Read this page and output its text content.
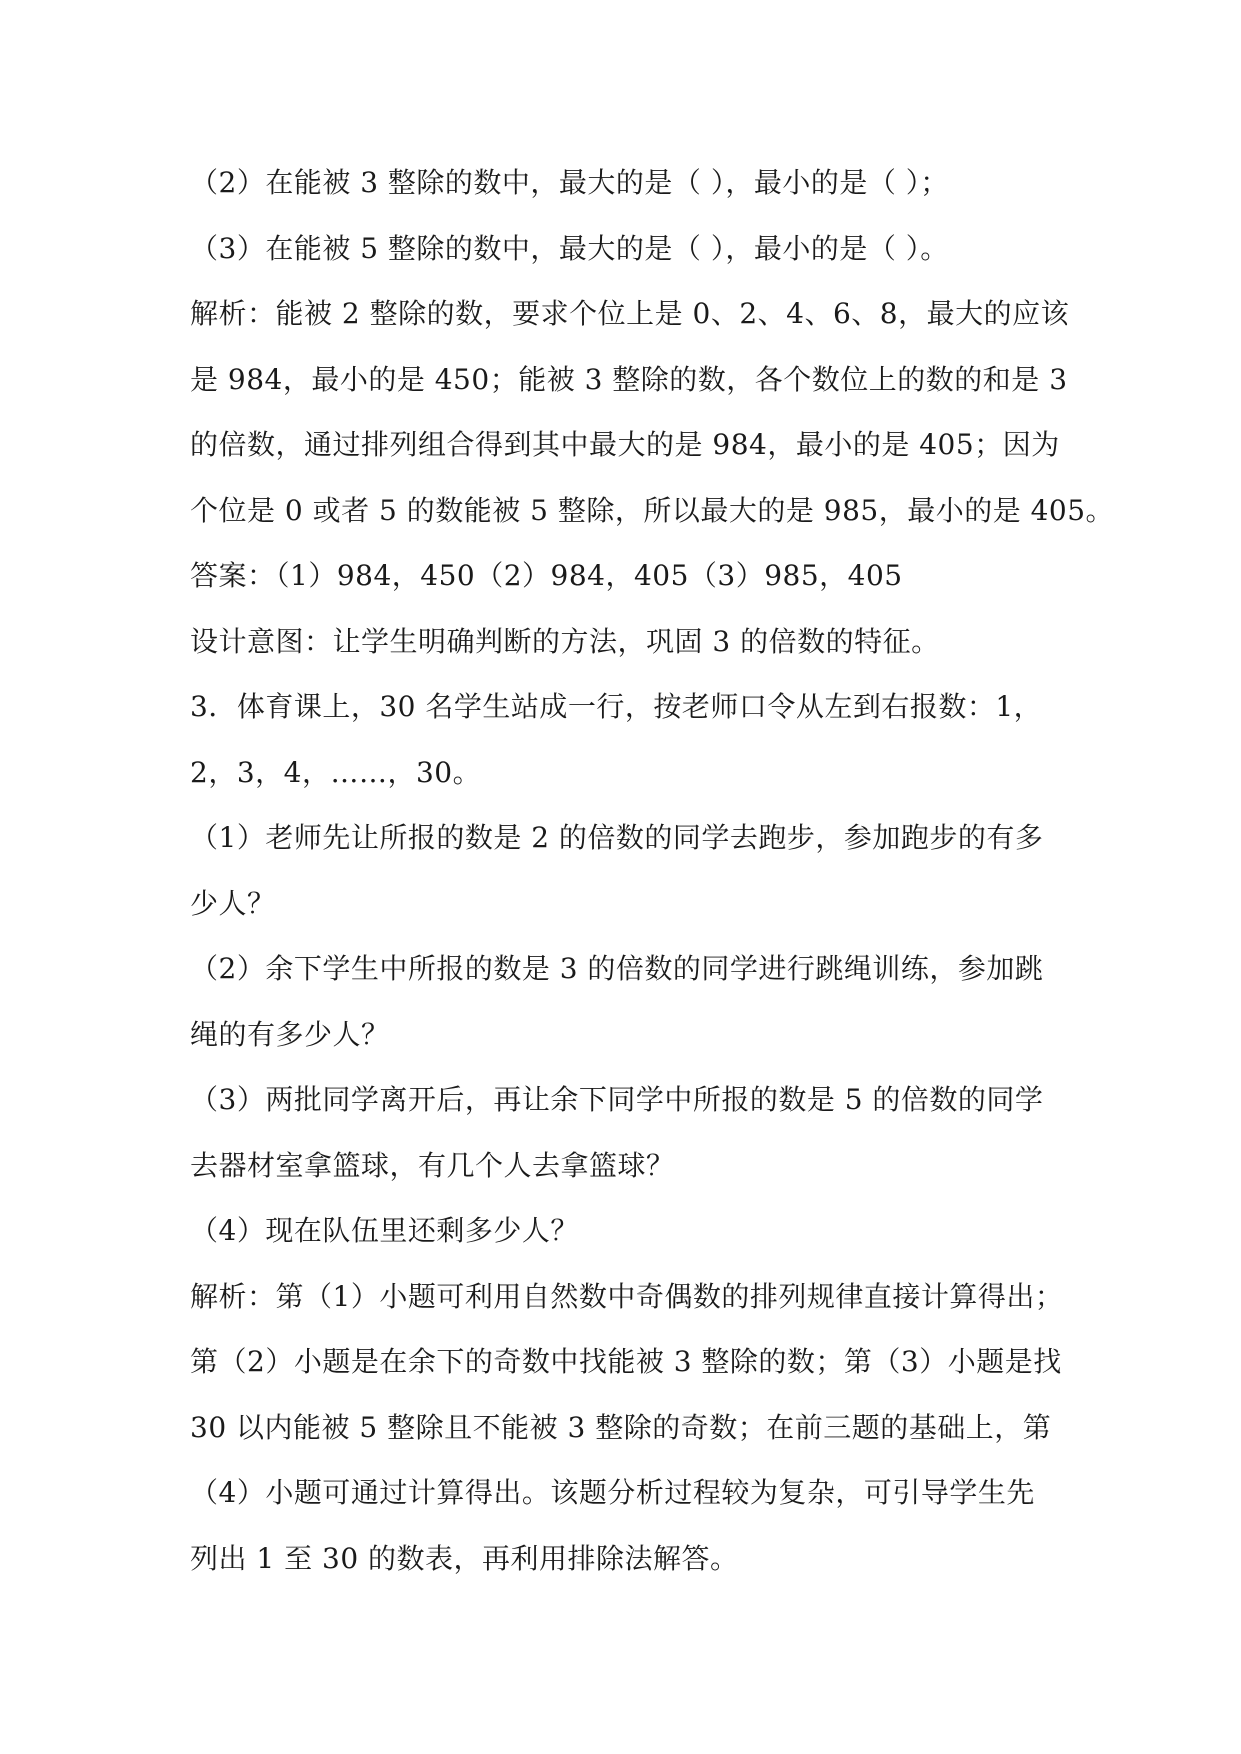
（2）在能被 3 整除的数中，最大的是（ ），最小的是（ ）；
（3）在能被 5 整除的数中，最大的是（ ），最小的是（ ）。
解析：能被 2 整除的数，要求个位上是 0、2、4、6、8，最大的应该
是 984，最小的是 450；能被 3 整除的数，各个数位上的数的和是 3
的倍数，通过排列组合得到其中最大的是 984，最小的是 405；因为
个位是 0 或者 5 的数能被 5 整除，所以最大的是 985，最小的是 405。
答案：（1）984，450（2）984，405（3）985，405
设计意图：让学生明确判断的方法，巩固 3 的倍数的特征。
3．体育课上，30 名学生站成一行，按老师口令从左到右报数：1，
2，3，4，……，30。
（1）老师先让所报的数是 2 的倍数的同学去跑步，参加跑步的有多
少人？
（2）余下学生中所报的数是 3 的倍数的同学进行跳绳训练，参加跳
绳的有多少人？
（3）两批同学离开后，再让余下同学中所报的数是 5 的倍数的同学
去器材室拿篮球，有几个人去拿篮球？
（4）现在队伍里还剩多少人？
解析：第（1）小题可利用自然数中奇偶数的排列规律直接计算得出；
第（2）小题是在余下的奇数中找能被 3 整除的数；第（3）小题是找
30 以内能被 5 整除且不能被 3 整除的奇数；在前三题的基础上，第
（4）小题可通过计算得出。该题分析过程较为复杂，可引导学生先
列出 1 至 30 的数表，再利用排除法解答。
